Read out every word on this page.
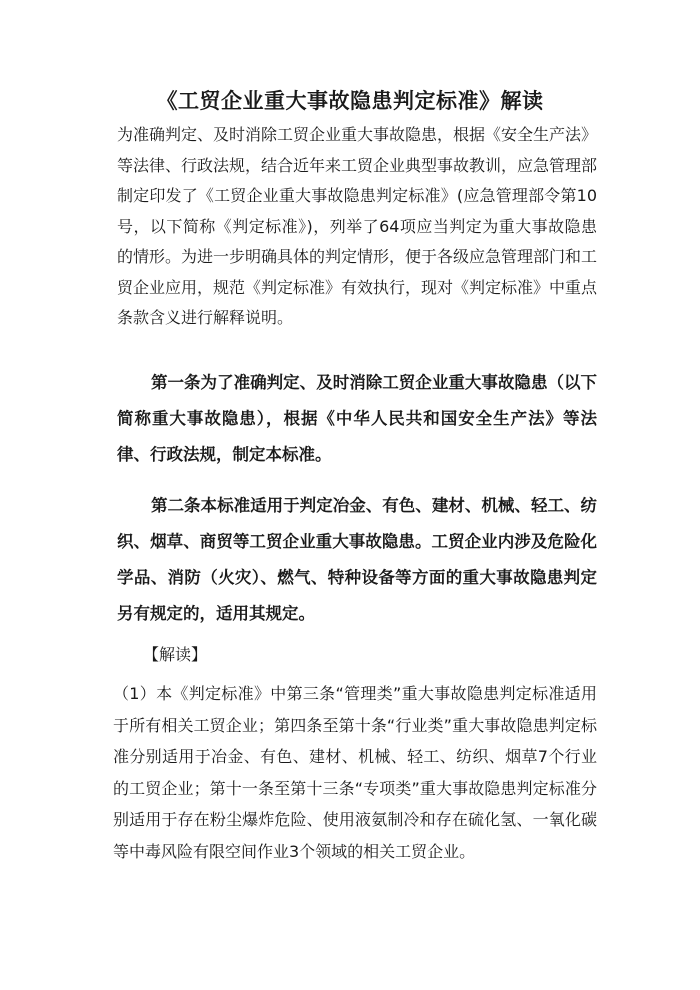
《工贸企业重大事故隐患判定标准》解读

为准确判定、及时消除工贸企业重大事故隐患，根据《安全生产法》等法律、行政法规，结合近年来工贸企业典型事故教训，应急管理部制定印发了《工贸企业重大事故隐患判定标准》(应急管理部令第10号，以下简称《判定标准》)，列举了64项应当判定为重大事故隐患的情形。为进一步明确具体的判定情形，便于各级应急管理部门和工贸企业应用，规范《判定标准》有效执行，现对《判定标准》中重点条款含义进行解释说明。

第一条为了准确判定、及时消除工贸企业重大事故隐患（以下简称重大事故隐患），根据《中华人民共和国安全生产法》等法律、行政法规，制定本标准。

第二条本标准适用于判定冶金、有色、建材、机械、轻工、纺织、烟草、商贸等工贸企业重大事故隐患。工贸企业内涉及危险化学品、消防（火灾）、燃气、特种设备等方面的重大事故隐患判定另有规定的，适用其规定。

【解读】

（1）本《判定标准》中第三条“管理类”重大事故隐患判定标准适用于所有相关工贸企业；第四条至第十条“行业类”重大事故隐患判定标准分别适用于冶金、有色、建材、机械、轻工、纺织、烟草7个行业的工贸企业；第十一条至第十三条“专项类”重大事故隐患判定标准分别适用于存在粉尘爆炸危险、使用液氨制冷和存在硫化氢、一氧化碳等中毒风险有限空间作业3个领域的相关工贸企业。
